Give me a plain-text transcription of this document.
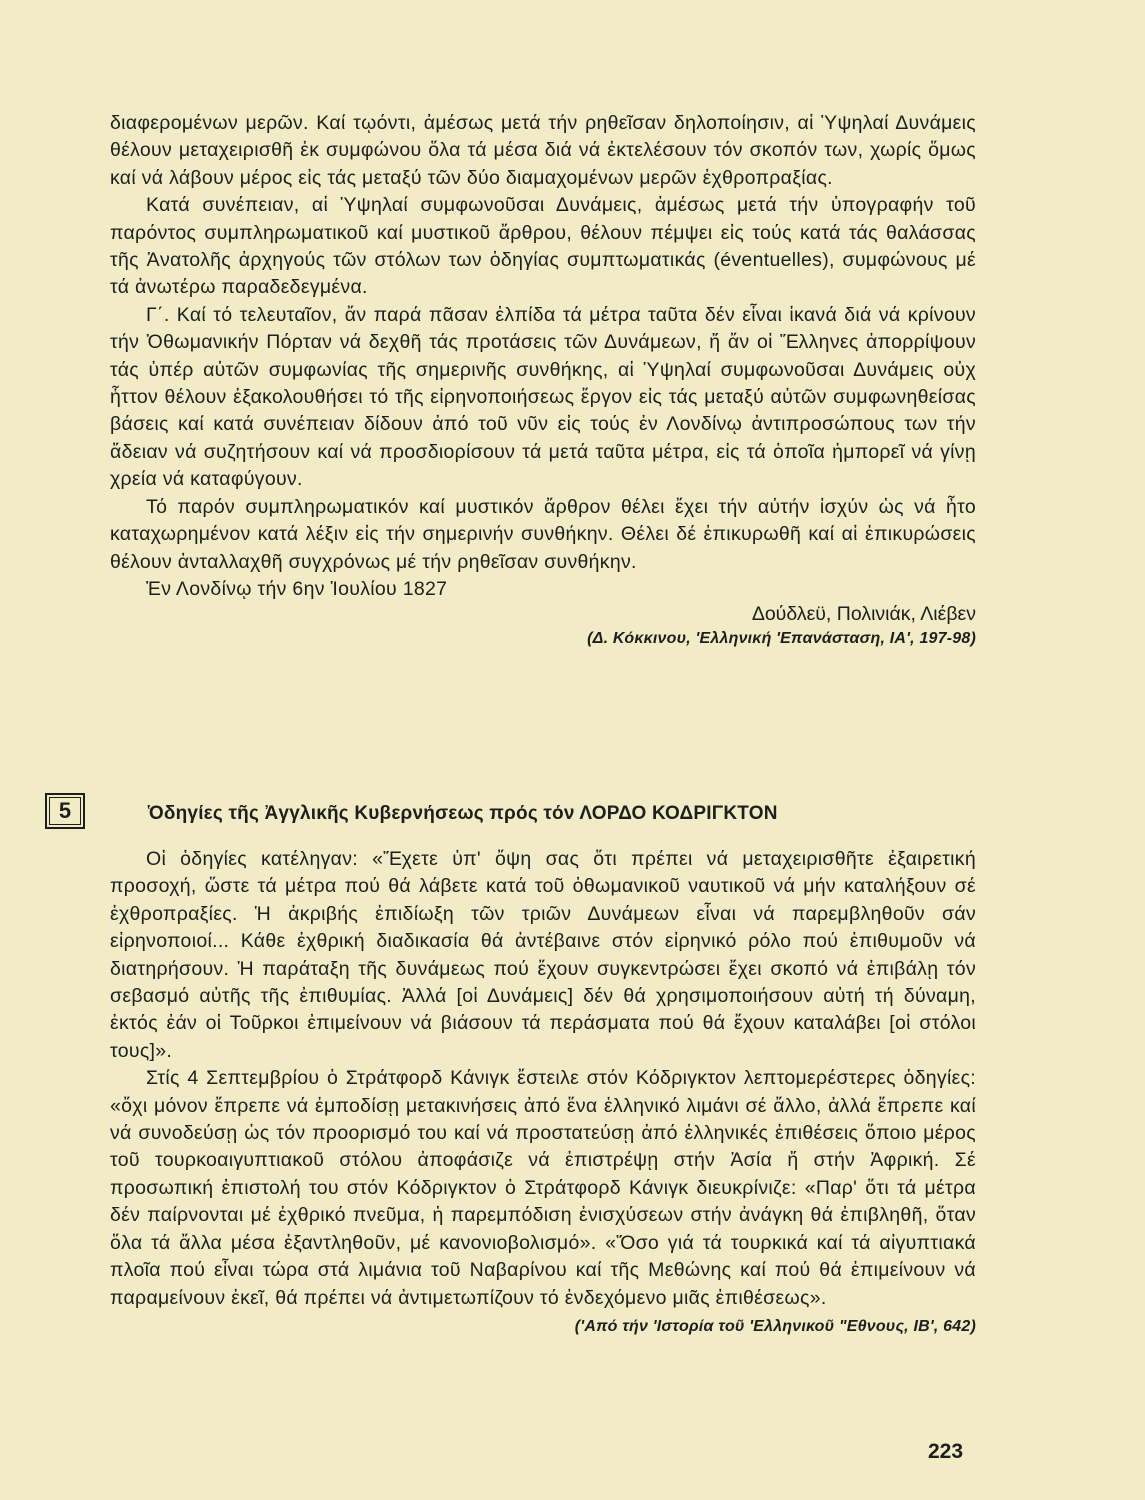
διαφερομένων μερῶν. Καί τῳόντι, ἀμέσως μετά τήν ρηθεῖσαν δηλοποίησιν, αἱ Ὑψηλαί Δυνάμεις θέλουν μεταχειρισθῆ ἐκ συμφώνου ὅλα τά μέσα διά νά ἐκτελέσουν τόν σκοπόν των, χωρίς ὅμως καί νά λάβουν μέρος εἰς τάς μεταξύ τῶν δύο διαμαχομένων μερῶν ἐχθροπραξίας.

Κατά συνέπειαν, αἱ Ὑψηλαί συμφωνοῦσαι Δυνάμεις, ἀμέσως μετά τήν ὑπογραφήν τοῦ παρόντος συμπληρωματικοῦ καί μυστικοῦ ἄρθρου, θέλουν πέμψει εἰς τούς κατά τάς θαλάσσας τῆς Ἀνατολῆς ἀρχηγούς τῶν στόλων των ὁδηγίας συμπτωματικάς (éventuelles), συμφώνους μέ τά ἀνωτέρω παραδεδεγμένα.

Γ΄. Καί τό τελευταῖον, ἄν παρά πᾶσαν ἐλπίδα τά μέτρα ταῦτα δέν εἶναι ἱκανά διά νά κρίνουν τήν Ὀθωμανικήν Πόρταν νά δεχθῆ τάς προτάσεις τῶν Δυνάμεων, ἤ ἄν οἱ Ἕλληνες ἀπορρίψουν τάς ὑπέρ αὐτῶν συμφωνίας τῆς σημερινῆς συνθήκης, αἱ Ὑψηλαί συμφωνοῦσαι Δυνάμεις οὐχ ἧττον θέλουν ἐξακολουθήσει τό τῆς εἰρηνοποιήσεως ἔργον εἰς τάς μεταξύ αὐτῶν συμφωνηθείσας βάσεις καί κατά συνέπειαν δίδουν ἀπό τοῦ νῦν εἰς τούς ἐν Λονδίνῳ ἀντιπροσώπους των τήν ἄδειαν νά συζητήσουν καί νά προσδιορίσουν τά μετά ταῦτα μέτρα, εἰς τά ὁποῖα ἠμπορεῖ νά γίνῃ χρεία νά καταφύγουν.

Τό παρόν συμπληρωματικόν καί μυστικόν ἄρθρον θέλει ἔχει τήν αὐτήν ἰσχύν ὡς νά ἦτο καταχωρημένον κατά λέξιν εἰς τήν σημερινήν συνθήκην. Θέλει δέ ἐπικυρωθῆ καί αἱ ἐπικυρώσεις θέλουν ἀνταλλαχθῆ συγχρόνως μέ τήν ρηθεῖσαν συνθήκην.

Ἐν Λονδίνῳ τήν 6ην Ἰουλίου 1827

Δούδλεϋ, Πολινιάκ, Λιέβεν

(Δ. Κόκκινου, 'Ελληνική 'Επανάσταση, ΙΑ', 197-98)

5	Ὁδηγίες τῆς Ἀγγλικῆς Κυβερνήσεως πρός τόν ΛΟΡΔΟ ΚΟΔΡΙΓΚΤΟΝ

Οἱ ὁδηγίες κατέληγαν: «Ἔχετε ὑπ' ὄψη σας ὅτι πρέπει νά μεταχειρισθῆτε ἐξαιρετική προσοχή, ὥστε τά μέτρα πού θά λάβετε κατά τοῦ ὀθωμανικοῦ ναυτικοῦ νά μήν καταλήξουν σέ ἐχθροπραξίες. Ἡ ἀκριβής ἐπιδίωξη τῶν τριῶν Δυνάμεων εἶναι νά παρεμβληθοῦν σάν εἰρηνοποιοί... Κάθε ἐχθρική διαδικασία θά ἀντέβαινε στόν εἰρηνικό ρόλο πού ἐπιθυμοῦν νά διατηρήσουν. Ἡ παράταξη τῆς δυνάμεως πού ἔχουν συγκεντρώσει ἔχει σκοπό νά ἐπιβάλῃ τόν σεβασμό αὐτῆς τῆς ἐπιθυμίας. Ἀλλά [οἱ Δυνάμεις] δέν θά χρησιμοποιήσουν αὐτή τή δύναμη, ἐκτός ἐάν οἱ Τοῦρκοι ἐπιμείνουν νά βιάσουν τά περάσματα πού θά ἔχουν καταλάβει [οἱ στόλοι τους]».

Στίς 4 Σεπτεμβρίου ὁ Στράτφορδ Κάνιγκ ἔστειλε στόν Κόδριγκτον λεπτομερέστερες ὁδηγίες: «ὄχι μόνον ἔπρεπε νά ἐμποδίσῃ μετακινήσεις ἀπό ἕνα ἑλληνικό λιμάνι σέ ἄλλο, ἀλλά ἔπρεπε καί νά συνοδεύσῃ ὡς τόν προορισμό του καί νά προστατεύσῃ ἀπό ἑλληνικές ἐπιθέσεις ὅποιο μέρος τοῦ τουρκοαιγυπτιακοῦ στόλου ἀποφάσιζε νά ἐπιστρέψῃ στήν Ἀσία ἤ στήν Ἀφρική. Σέ προσωπική ἐπιστολή του στόν Κόδριγκτον ὁ Στράτφορδ Κάνιγκ διευκρίνιζε: «Παρ' ὅτι τά μέτρα δέν παίρνονται μέ ἐχθρικό πνεῦμα, ἡ παρεμπόδιση ἐνισχύσεων στήν ἀνάγκη θά ἐπιβληθῆ, ὅταν ὅλα τά ἄλλα μέσα ἐξαντληθοῦν, μέ κανονιοβολισμό». «Ὅσο γιά τά τουρκικά καί τά αἰγυπτιακά πλοῖα πού εἶναι τώρα στά λιμάνια τοῦ Ναβαρίνου καί τῆς Μεθώνης καί πού θά ἐπιμείνουν νά παραμείνουν ἐκεῖ, θά πρέπει νά ἀντιμετωπίζουν τό ἐνδεχόμενο μιᾶς ἐπιθέσεως».

('Από τήν 'Ιστορία τοῦ 'Ελληνικοῦ "Εθνους, ΙΒ', 642)

223
